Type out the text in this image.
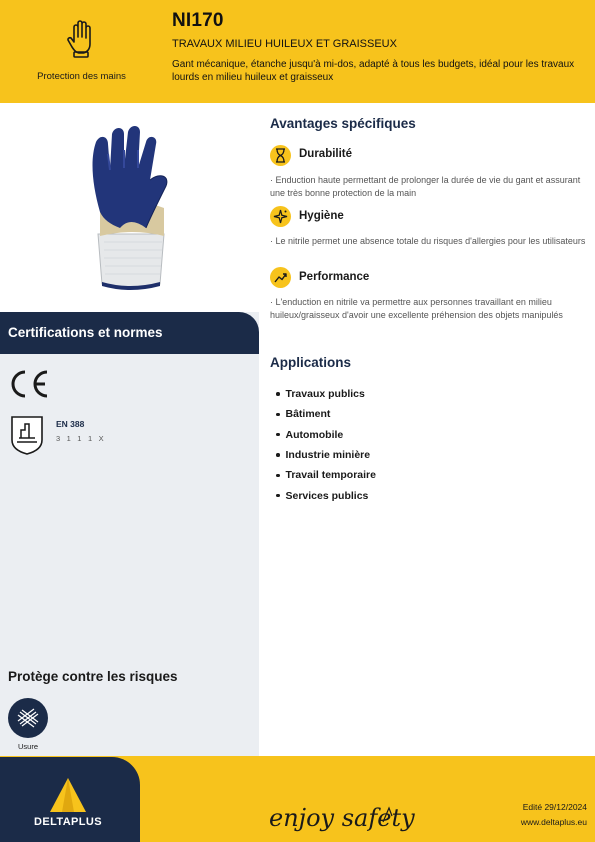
Protection des mains
NI170
TRAVAUX MILIEU HUILEUX ET GRAISSEUX
Gant mécanique, étanche jusqu'à mi-dos, adapté à tous les budgets, idéal pour les travaux lourds en milieu huileux et graisseux
Certifications et normes
EN 388
3 1 1 1 X
Protège contre les risques
Usure
Avantages spécifiques
Durabilité
· Enduction haute permettant de prolonger la durée de vie du gant et assurant une très bonne protection de la main
Hygiène
· Le nitrile permet une absence totale du risques d'allergies pour les utilisateurs
Performance
· L'enduction en nitrile va permettre aux personnes travaillant en milieu huileux/graisseux d'avoir une excellente préhension des objets manipulés
Applications
Travaux publics
Bâtiment
Automobile
Industrie minière
Travail temporaire
Services publics
DELTAPLUS	enjoy safety	Edité 29/12/2024
www.deltaplus.eu
